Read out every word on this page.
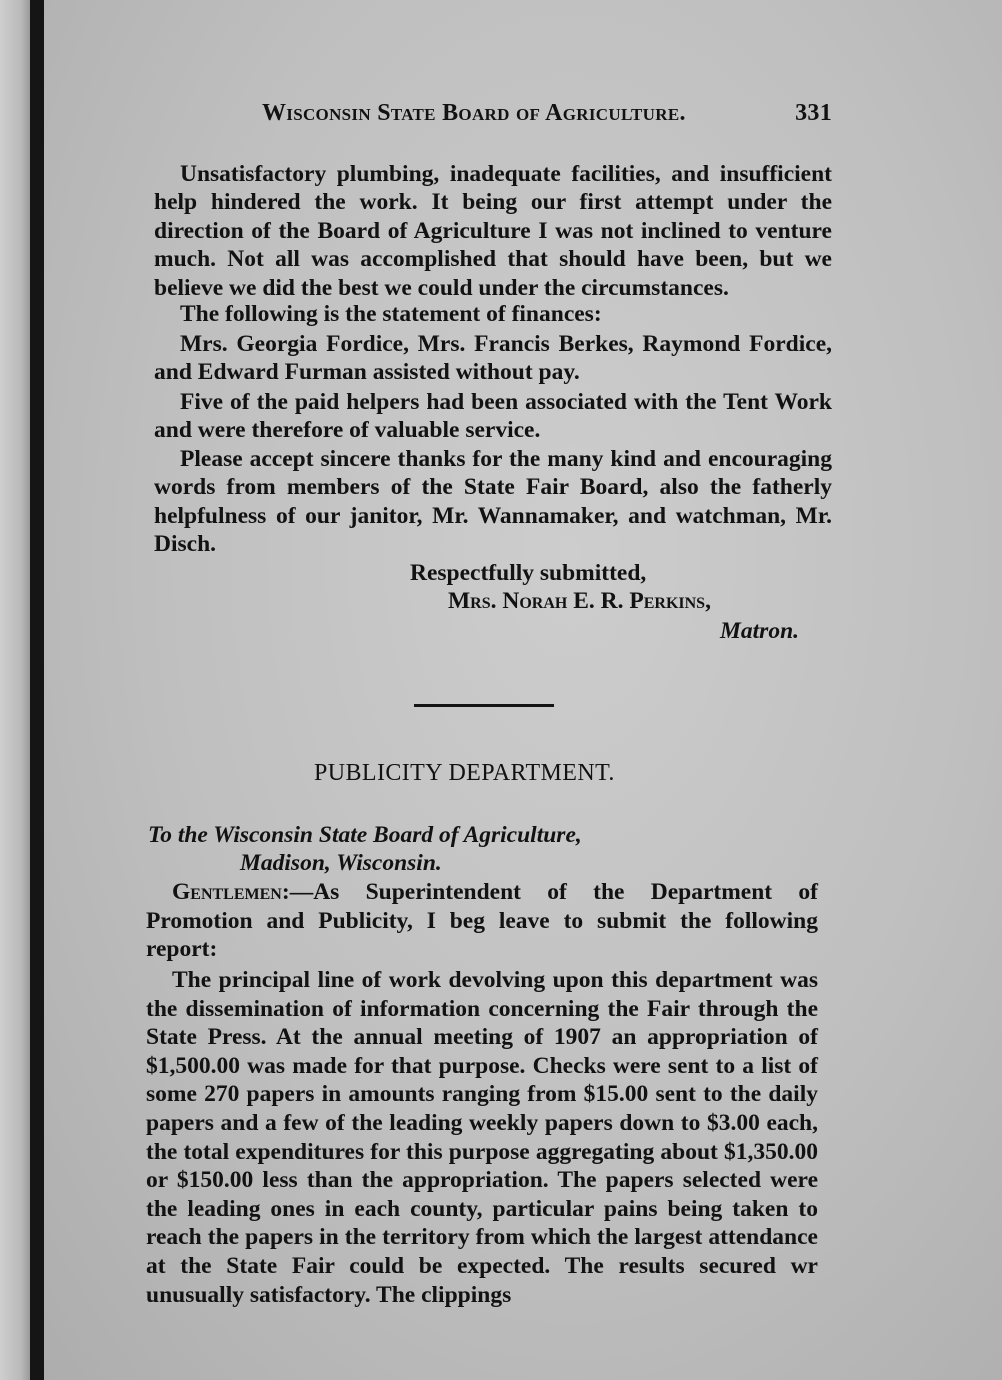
Wisconsin State Board of Agriculture.	331

Unsatisfactory plumbing, inadequate facilities, and insufficient help hindered the work. It being our first attempt under the direction of the Board of Agriculture I was not inclined to venture much. Not all was accomplished that should have been, but we believe we did the best we could under the circumstances.

The following is the statement of finances:

Mrs. Georgia Fordice, Mrs. Francis Berkes, Raymond Fordice, and Edward Furman assisted without pay.

Five of the paid helpers had been associated with the Tent Work and were therefore of valuable service.

Please accept sincere thanks for the many kind and encouraging words from members of the State Fair Board, also the fatherly helpfulness of our janitor, Mr. Wannamaker, and watchman, Mr. Disch.

Respectfully submitted,
Mrs. Norah E. R. Perkins,
Matron.
PUBLICITY DEPARTMENT.
To the Wisconsin State Board of Agriculture,
Madison, Wisconsin.

Gentlemen:—As Superintendent of the Department of Promotion and Publicity, I beg leave to submit the following report:

The principal line of work devolving upon this department was the dissemination of information concerning the Fair through the State Press. At the annual meeting of 1907 an appropriation of $1,500.00 was made for that purpose. Checks were sent to a list of some 270 papers in amounts ranging from $15.00 sent to the daily papers and a few of the leading weekly papers down to $3.00 each, the total expenditures for this purpose aggregating about $1,350.00 or $150.00 less than the appropriation. The papers selected were the leading ones in each county, particular pains being taken to reach the papers in the territory from which the largest attendance at the State Fair could be expected. The results secured wr unusually satisfactory. The clippings
